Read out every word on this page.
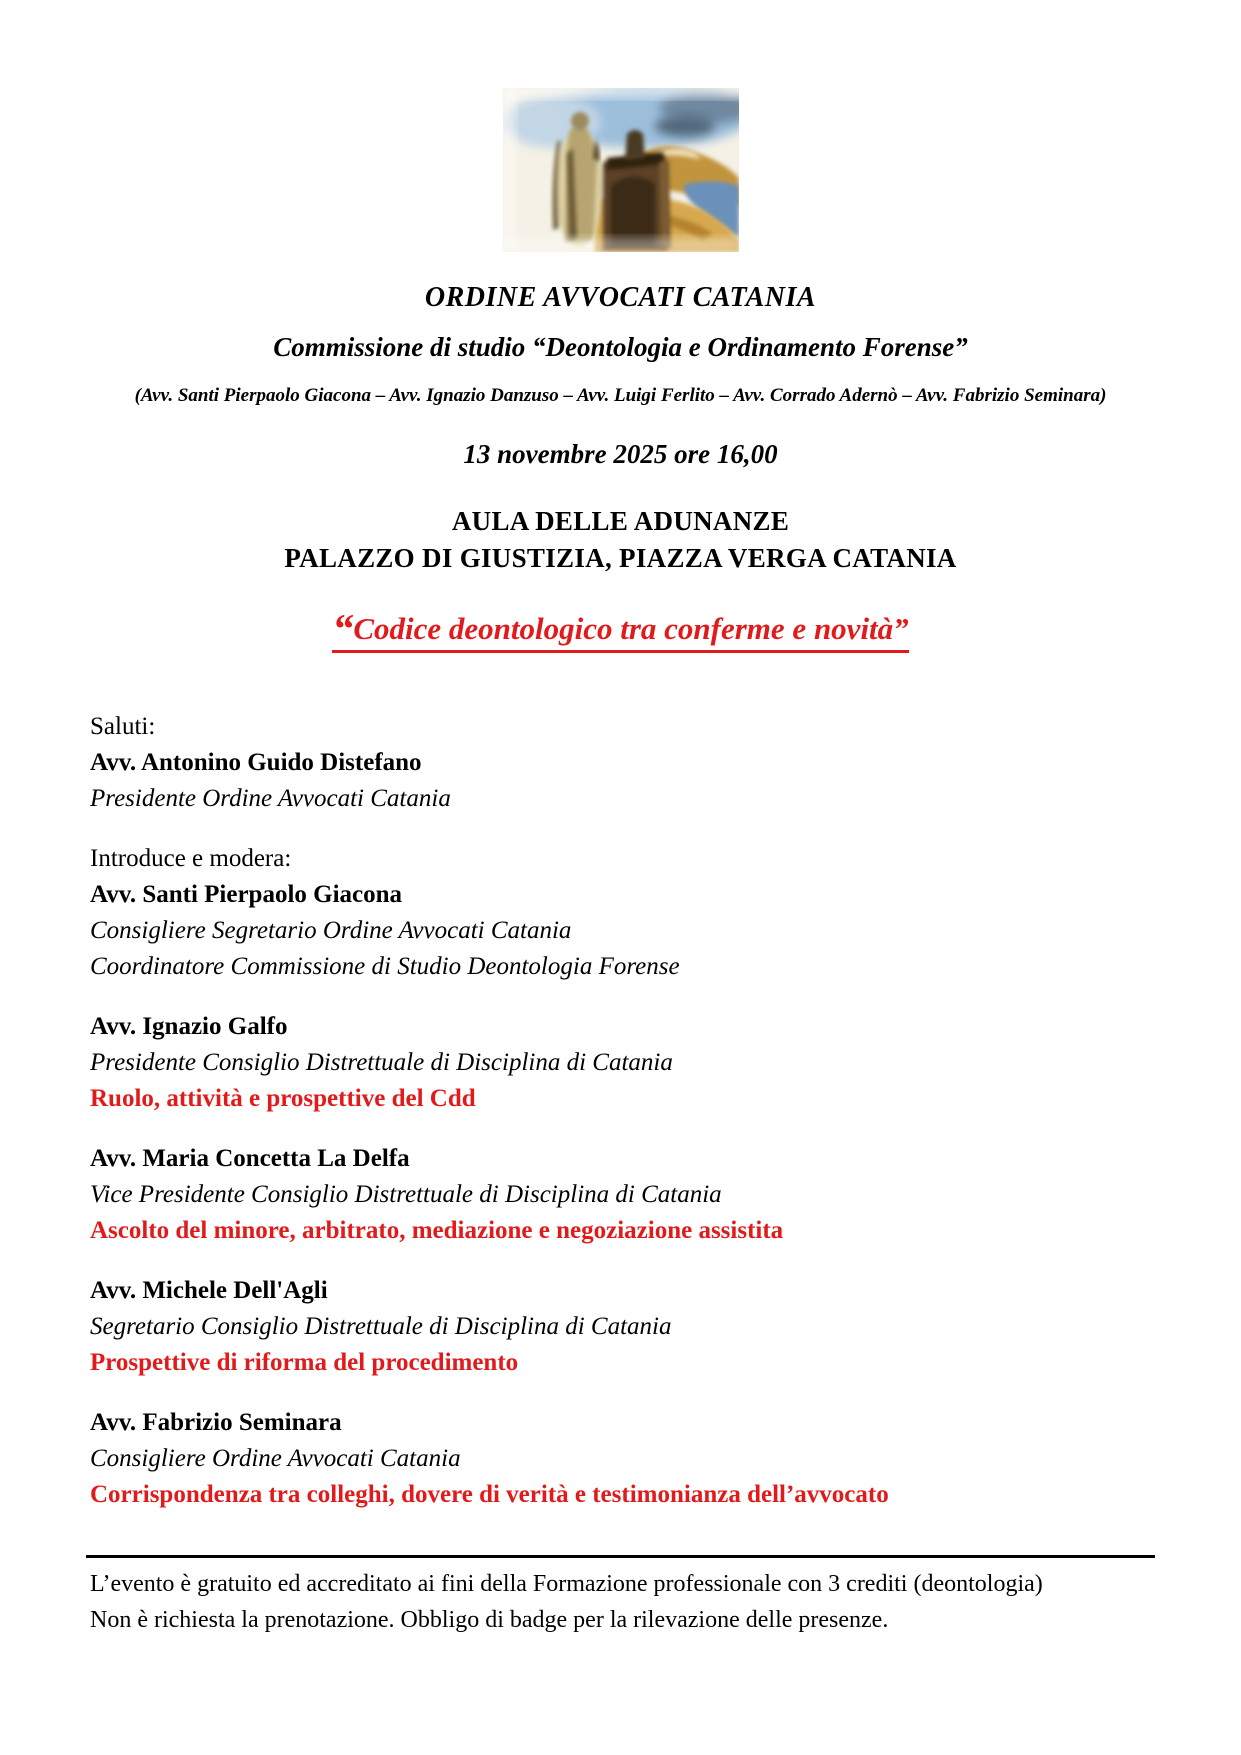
ORDINE AVVOCATI CATANIA
Commissione di studio “Deontologia e Ordinamento Forense”
(Avv. Santi Pierpaolo Giacona – Avv. Ignazio Danzuso – Avv. Luigi Ferlito – Avv. Corrado Adernò – Avv. Fabrizio Seminara)
13 novembre 2025 ore 16,00
AULA DELLE ADUNANZE
PALAZZO DI GIUSTIZIA, PIAZZA VERGA CATANIA
“Codice deontologico tra conferme e novità”

Saluti:

Avv. Antonino Guido Distefano

Presidente Ordine Avvocati Catania

Introduce e modera:

Avv. Santi Pierpaolo Giacona

Consigliere Segretario Ordine Avvocati Catania

Coordinatore Commissione di Studio Deontologia Forense

Avv. Ignazio Galfo

Presidente Consiglio Distrettuale di Disciplina di Catania

Ruolo, attività e prospettive del Cdd

Avv. Maria Concetta La Delfa

Vice Presidente Consiglio Distrettuale di Disciplina di Catania

Ascolto del minore, arbitrato, mediazione e negoziazione assistita

Avv. Michele Dell'Agli

Segretario Consiglio Distrettuale di Disciplina di Catania

Prospettive di riforma del procedimento

Avv. Fabrizio Seminara

Consigliere Ordine Avvocati Catania

Corrispondenza tra colleghi, dovere di verità e testimonianza dell’avvocato

L’evento è gratuito ed accreditato ai fini della Formazione professionale con 3 crediti (deontologia)

Non è richiesta la prenotazione. Obbligo di badge per la rilevazione delle presenze.
